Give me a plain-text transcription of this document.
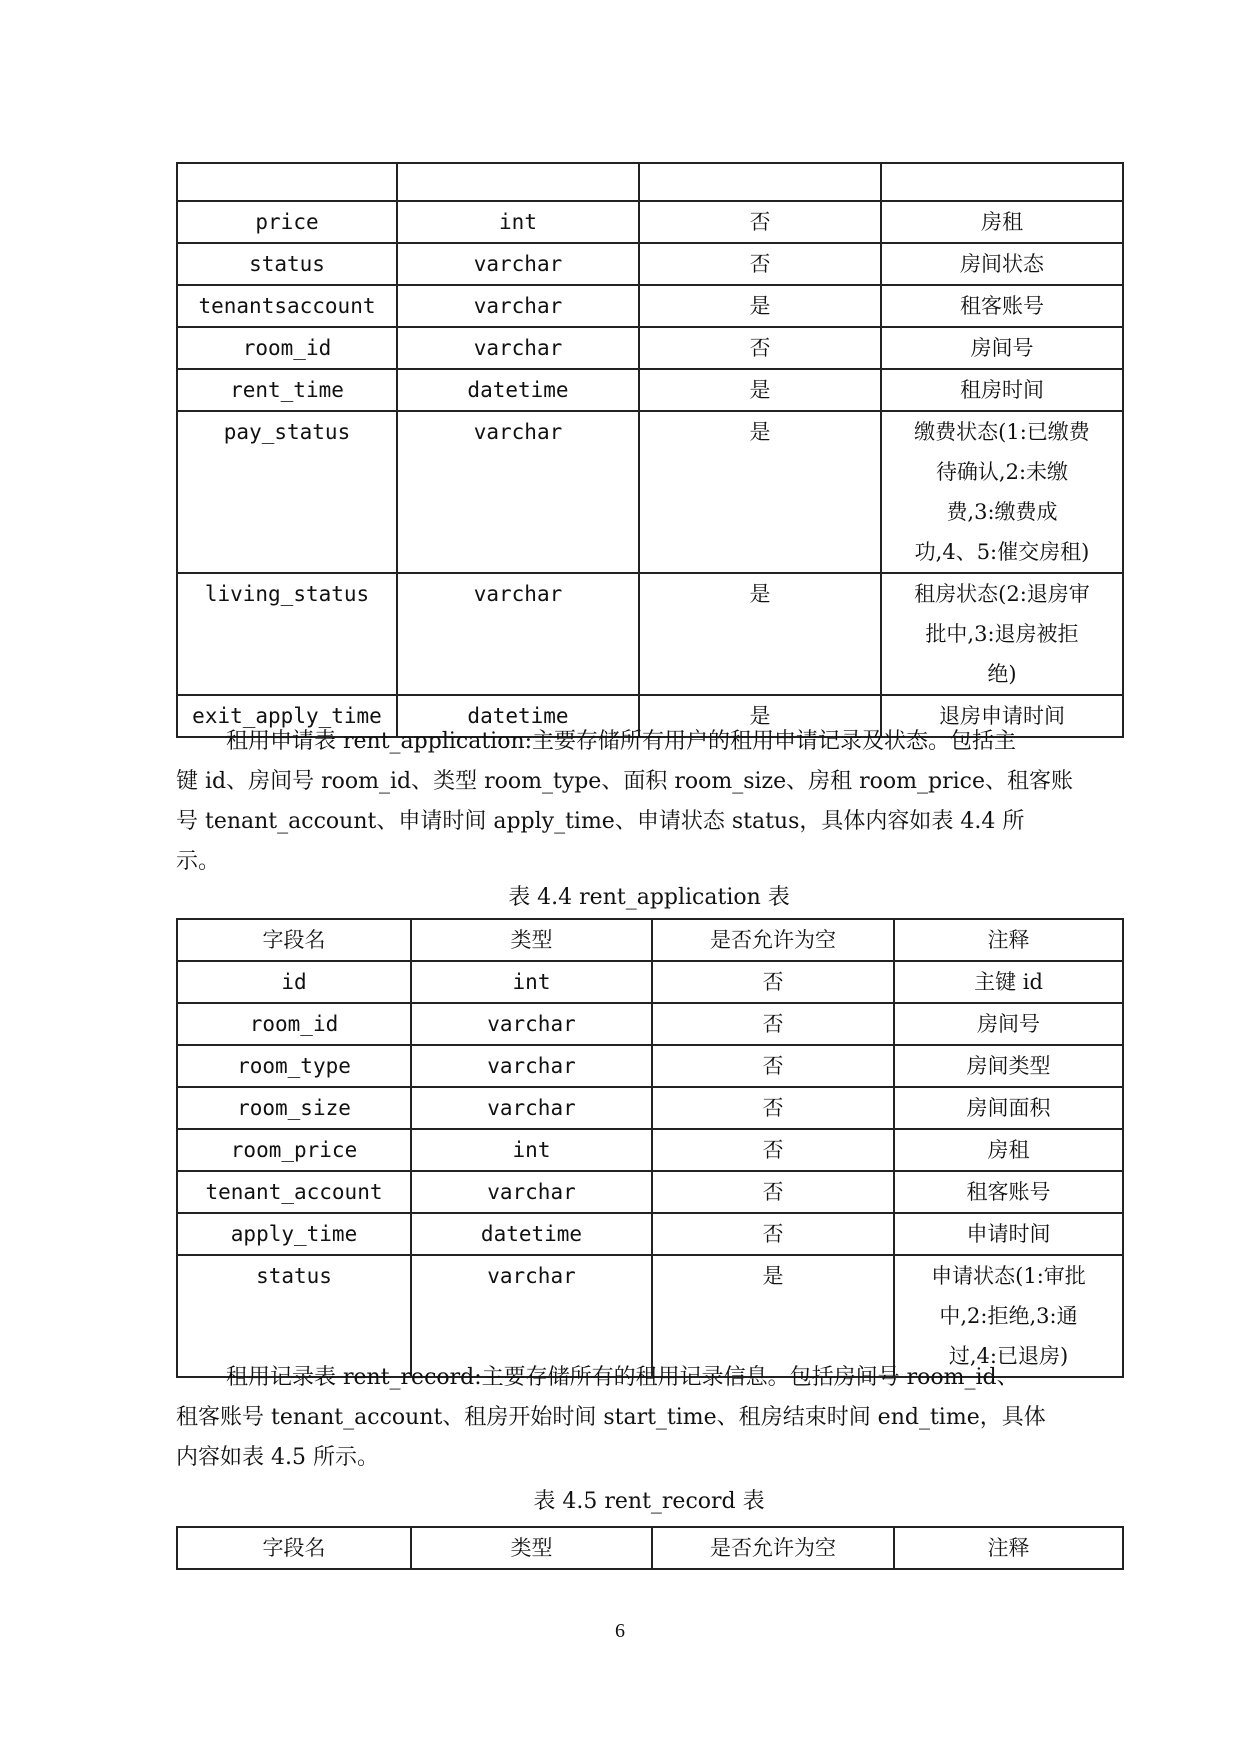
price	int	否	房租
status	varchar	否	房间状态
tenantsaccount	varchar	是	租客账号
room_id	varchar	否	房间号
rent_time	datetime	是	租房时间
pay_status	varchar	是	缴费状态(1:已缴费
待确认,2:未缴
费,3:缴费成
功,4、5:催交房租)

living_status	varchar	是	租房状态(2:退房审
批中,3:退房被拒
绝)

exit_apply_time	datetime	是	退房申请时间
租用申请表 rent_application:主要存储所有用户的租用申请记录及状态。包括主
键 id、房间号 room_id、类型 room_type、面积 room_size、房租 room_price、租客账
号 tenant_account、申请时间 apply_time、申请状态 status，具体内容如表 4.4 所
示。
表 4.4 rent_application 表
字段名	类型	是否允许为空	注释
id	int	否	主键 id
room_id	varchar	否	房间号
room_type	varchar	否	房间类型
room_size	varchar	否	房间面积
room_price	int	否	房租
tenant_account	varchar	否	租客账号
apply_time	datetime	否	申请时间
status	varchar	是	申请状态(1:审批
中,2:拒绝,3:通
过,4:已退房)
租用记录表 rent_record:主要存储所有的租用记录信息。包括房间号 room_id、
租客账号 tenant_account、租房开始时间 start_time、租房结束时间 end_time，具体
内容如表 4.5 所示。
表 4.5 rent_record 表
字段名	类型	是否允许为空	注释
6
